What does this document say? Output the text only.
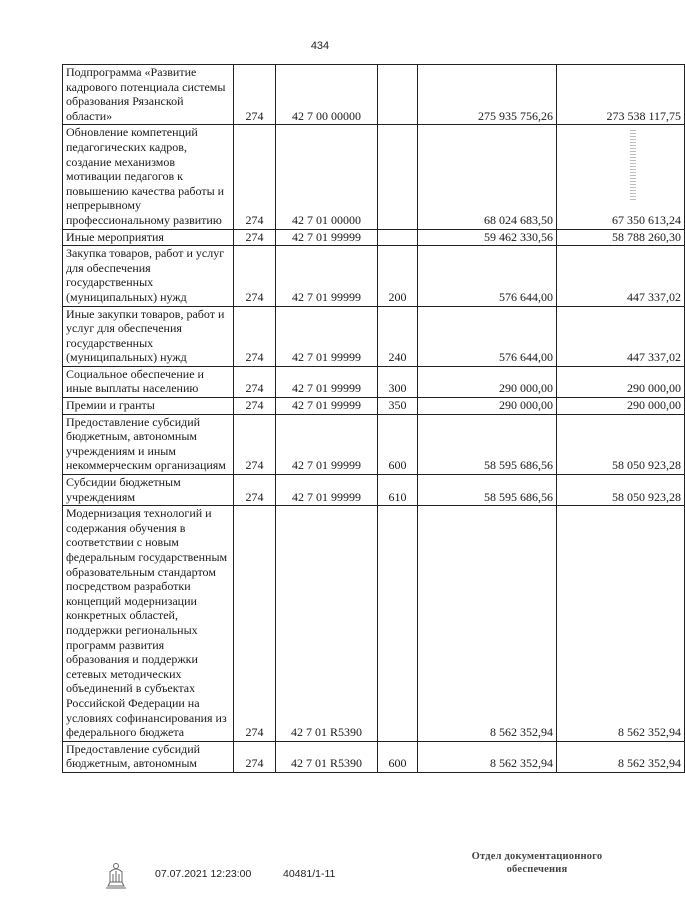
434
Подпрограмма «Развитие кадрового потенциала системы образования Рязанской области»	274	42 7 00 00000		275 935 756,26	273 538 117,75
Обновление компетенций педагогических кадров, создание механизмов мотивации педагогов к повышению качества работы и непрерывному профессиональному развитию	274	42 7 01 00000		68 024 683,50	67 350 613,24
Иные мероприятия	274	42 7 01 99999		59 462 330,56	58 788 260,30
Закупка товаров, работ и услуг для обеспечения государственных (муниципальных) нужд	274	42 7 01 99999	200	576 644,00	447 337,02
Иные закупки товаров, работ и услуг для обеспечения государственных (муниципальных) нужд	274	42 7 01 99999	240	576 644,00	447 337,02
Социальное обеспечение и иные выплаты населению	274	42 7 01 99999	300	290 000,00	290 000,00
Премии и гранты	274	42 7 01 99999	350	290 000,00	290 000,00
Предоставление субсидий бюджетным, автономным учреждениям и иным некоммерческим организациям	274	42 7 01 99999	600	58 595 686,56	58 050 923,28
Субсидии бюджетным учреждениям	274	42 7 01 99999	610	58 595 686,56	58 050 923,28
Модернизация технологий и содержания обучения в соответствии с новым федеральным государственным образовательным стандартом посредством разработки концепций модернизации конкретных областей, поддержки региональных программ развития образования и поддержки сетевых методических объединений в субъектах Российской Федерации на условиях софинансирования из федерального бюджета	274	42 7 01 R5390		8 562 352,94	8 562 352,94
Предоставление субсидий бюджетным, автономным	274	42 7 01 R5390	600	8 562 352,94	8 562 352,94
07.07.2021 12:23:00	40481/1-11
Отдел документационного
обеспечения
